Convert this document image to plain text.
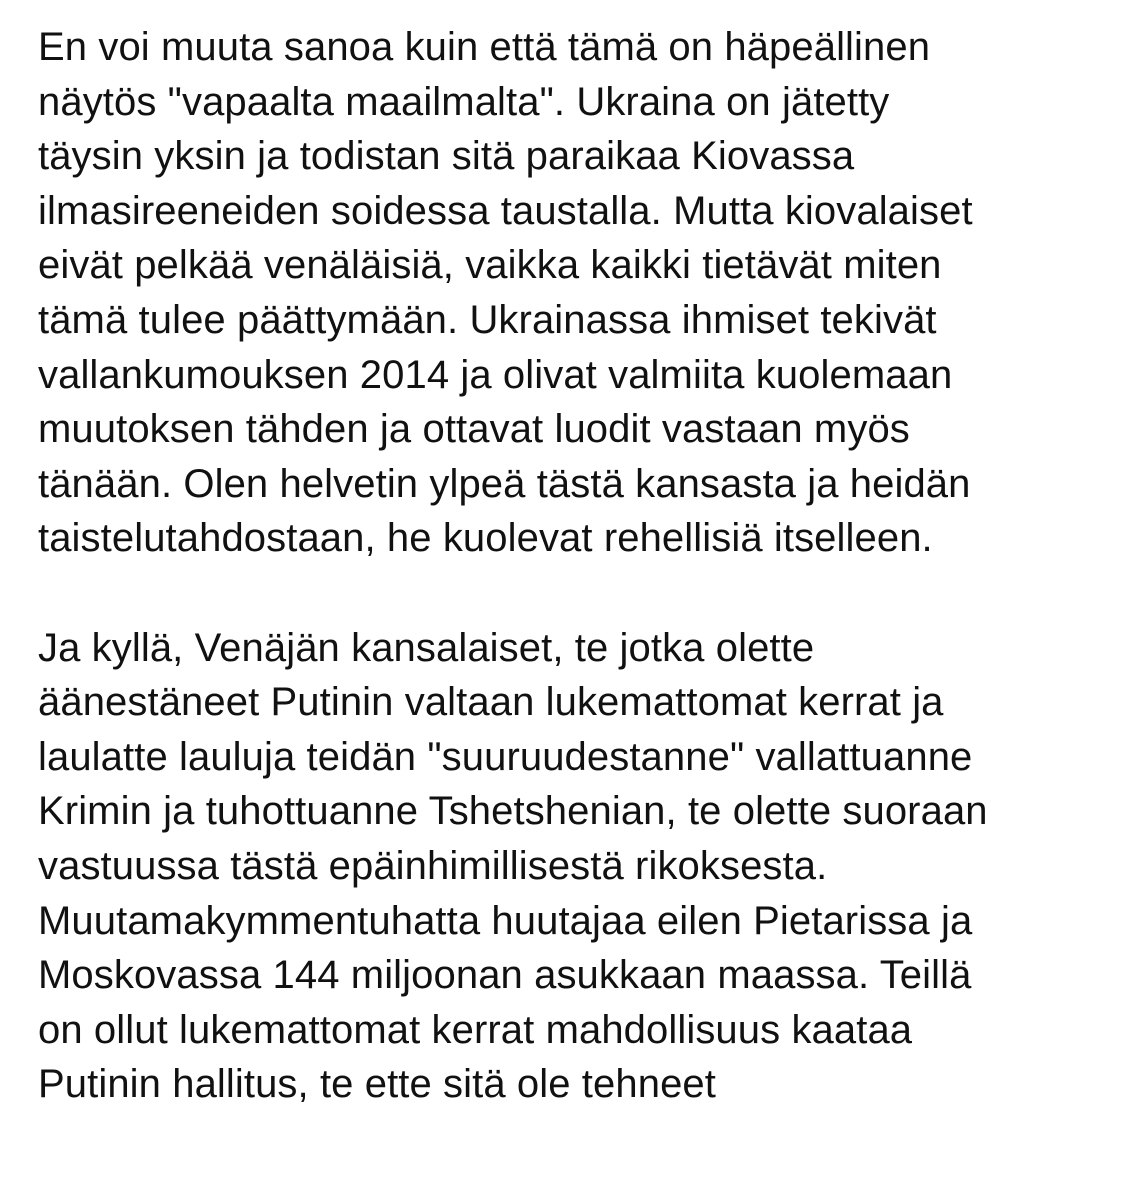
En voi muuta sanoa kuin että tämä on häpeällinen
näytös "vapaalta maailmalta". Ukraina on jätetty
täysin yksin ja todistan sitä paraikaa Kiovassa
ilmasireeneiden soidessa taustalla. Mutta kiovalaiset
eivät pelkää venäläisiä, vaikka kaikki tietävät miten
tämä tulee päättymään. Ukrainassa ihmiset tekivät
vallankumouksen 2014 ja olivat valmiita kuolemaan
muutoksen tähden ja ottavat luodit vastaan myös
tänään. Olen helvetin ylpeä tästä kansasta ja heidän
taistelutahdostaan, he kuolevat rehellisiä itselleen.

Ja kyllä, Venäjän kansalaiset, te jotka olette
äänestäneet Putinin valtaan lukemattomat kerrat ja
laulatte lauluja teidän "suuruudestanne" vallattuanne
Krimin ja tuhottuanne Tshetshenian, te olette suoraan
vastuussa tästä epäinhimillisestä rikoksesta.
Muutamakymmentuhatta huutajaa eilen Pietarissa ja
Moskovassa 144 miljoonan asukkaan maassa. Teillä
on ollut lukemattomat kerrat mahdollisuus kaataa
Putinin hallitus, te ette sitä ole tehneet
